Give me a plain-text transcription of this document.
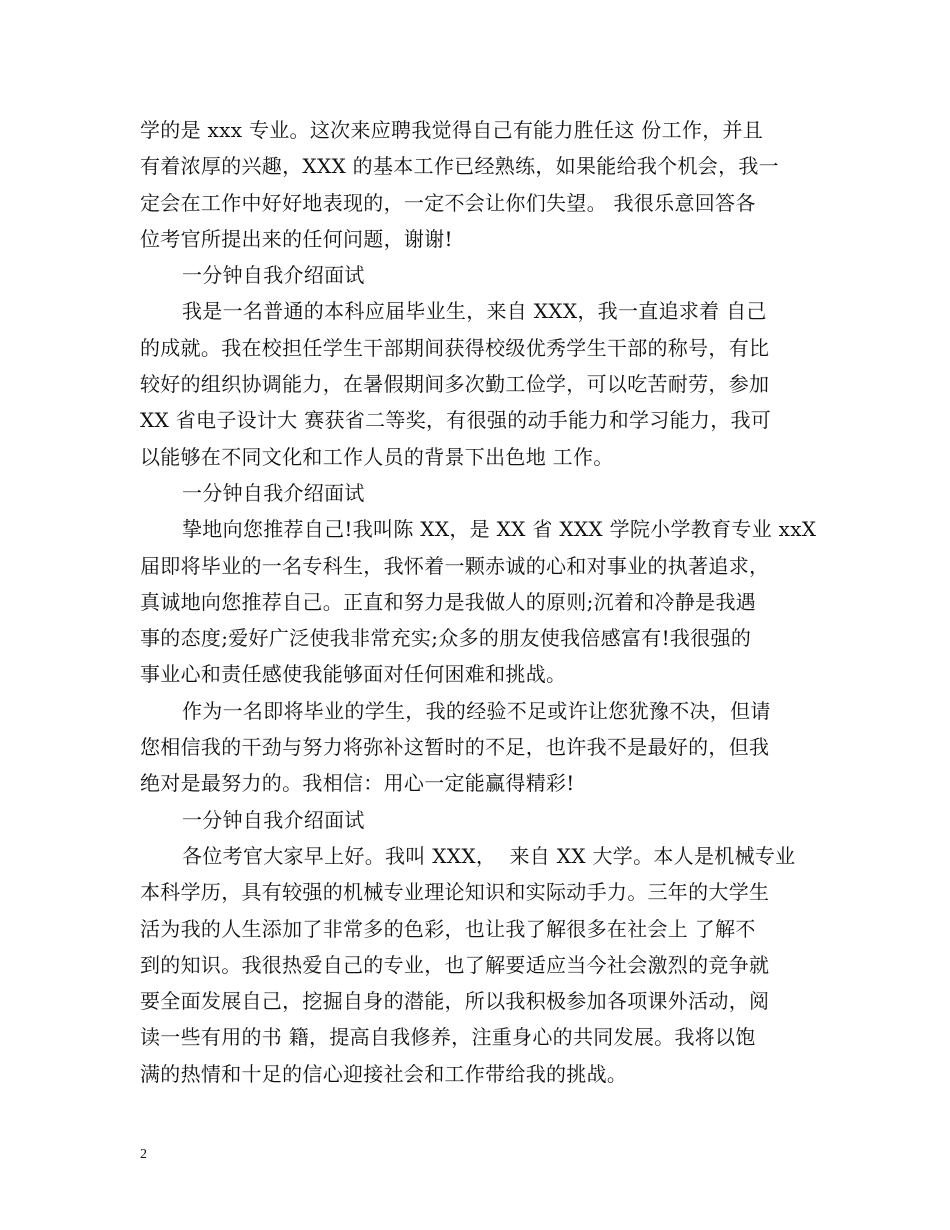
学的是 xxx 专业。这次来应聘我觉得自己有能力胜任这 份工作，并且
有着浓厚的兴趣，XXX 的基本工作已经熟练，如果能给我个机会，我一
定会在工作中好好地表现的，一定不会让你们失望。 我很乐意回答各
位考官所提出来的任何问题，谢谢!
一分钟自我介绍面试
我是一名普通的本科应届毕业生，来自 XXX，我一直追求着 自己
的成就。我在校担任学生干部期间获得校级优秀学生干部的称号，有比
较好的组织协调能力，在暑假期间多次勤工俭学，可以吃苦耐劳，参加
XX 省电子设计大 赛获省二等奖，有很强的动手能力和学习能力，我可
以能够在不同文化和工作人员的背景下出色地 工作。
一分钟自我介绍面试
挚地向您推荐自己!我叫陈 XX，是 XX 省 XXX 学院小学教育专业 xxX
届即将毕业的一名专科生，我怀着一颗赤诚的心和对事业的执著追求，
真诚地向您推荐自己。正直和努力是我做人的原则;沉着和冷静是我遇
事的态度;爱好广泛使我非常充实;众多的朋友使我倍感富有!我很强的
事业心和责任感使我能够面对任何困难和挑战。
作为一名即将毕业的学生，我的经验不足或许让您犹豫不决，但请
您相信我的干劲与努力将弥补这暂时的不足，也许我不是最好的，但我
绝对是最努力的。我相信：用心一定能赢得精彩!
一分钟自我介绍面试
各位考官大家早上好。我叫 XXX，  来自 XX 大学。本人是机械专业
本科学历，具有较强的机械专业理论知识和实际动手力。三年的大学生
活为我的人生添加了非常多的色彩，也让我了解很多在社会上 了解不
到的知识。我很热爱自己的专业，也了解要适应当今社会激烈的竞争就
要全面发展自己，挖掘自身的潜能，所以我积极参加各项课外活动，阅
读一些有用的书 籍，提高自我修养，注重身心的共同发展。我将以饱
满的热情和十足的信心迎接社会和工作带给我的挑战。
2
